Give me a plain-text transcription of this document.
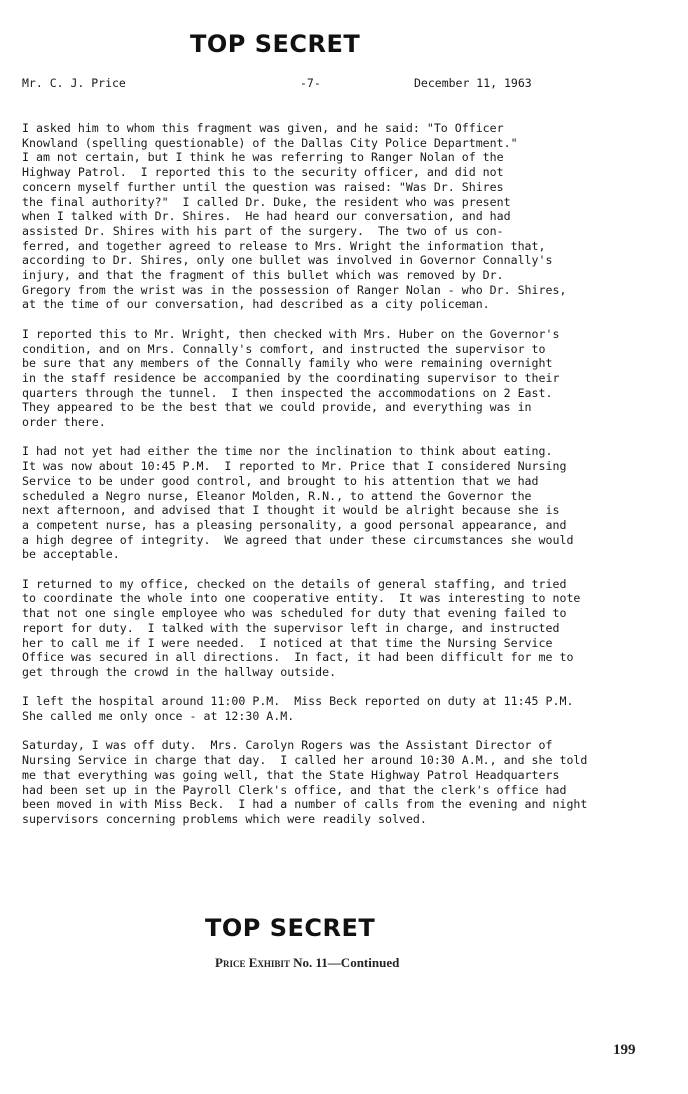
TOP SECRET
Mr. C. J. Price	-7-	December 11, 1963
I asked him to whom this fragment was given, and he said: "To Officer
Knowland (spelling questionable) of the Dallas City Police Department."
I am not certain, but I think he was referring to Ranger Nolan of the
Highway Patrol.  I reported this to the security officer, and did not
concern myself further until the question was raised: "Was Dr. Shires
the final authority?"  I called Dr. Duke, the resident who was present
when I talked with Dr. Shires.  He had heard our conversation, and had
assisted Dr. Shires with his part of the surgery.  The two of us con-
ferred, and together agreed to release to Mrs. Wright the information that,
according to Dr. Shires, only one bullet was involved in Governor Connally's
injury, and that the fragment of this bullet which was removed by Dr.
Gregory from the wrist was in the possession of Ranger Nolan - who Dr. Shires,
at the time of our conversation, had described as a city policeman.
I reported this to Mr. Wright, then checked with Mrs. Huber on the Governor's
condition, and on Mrs. Connally's comfort, and instructed the supervisor to
be sure that any members of the Connally family who were remaining overnight
in the staff residence be accompanied by the coordinating supervisor to their
quarters through the tunnel.  I then inspected the accommodations on 2 East.
They appeared to be the best that we could provide, and everything was in
order there.
I had not yet had either the time nor the inclination to think about eating.
It was now about 10:45 P.M.  I reported to Mr. Price that I considered Nursing
Service to be under good control, and brought to his attention that we had
scheduled a Negro nurse, Eleanor Molden, R.N., to attend the Governor the
next afternoon, and advised that I thought it would be alright because she is
a competent nurse, has a pleasing personality, a good personal appearance, and
a high degree of integrity.  We agreed that under these circumstances she would
be acceptable.
I returned to my office, checked on the details of general staffing, and tried
to coordinate the whole into one cooperative entity.  It was interesting to note
that not one single employee who was scheduled for duty that evening failed to
report for duty.  I talked with the supervisor left in charge, and instructed
her to call me if I were needed.  I noticed at that time the Nursing Service
Office was secured in all directions.  In fact, it had been difficult for me to
get through the crowd in the hallway outside.
I left the hospital around 11:00 P.M.  Miss Beck reported on duty at 11:45 P.M.
She called me only once - at 12:30 A.M.
Saturday, I was off duty.  Mrs. Carolyn Rogers was the Assistant Director of
Nursing Service in charge that day.  I called her around 10:30 A.M., and she told
me that everything was going well, that the State Highway Patrol Headquarters
had been set up in the Payroll Clerk's office, and that the clerk's office had
been moved in with Miss Beck.  I had a number of calls from the evening and night
supervisors concerning problems which were readily solved.
TOP SECRET
Price Exhibit No. 11—Continued
199
